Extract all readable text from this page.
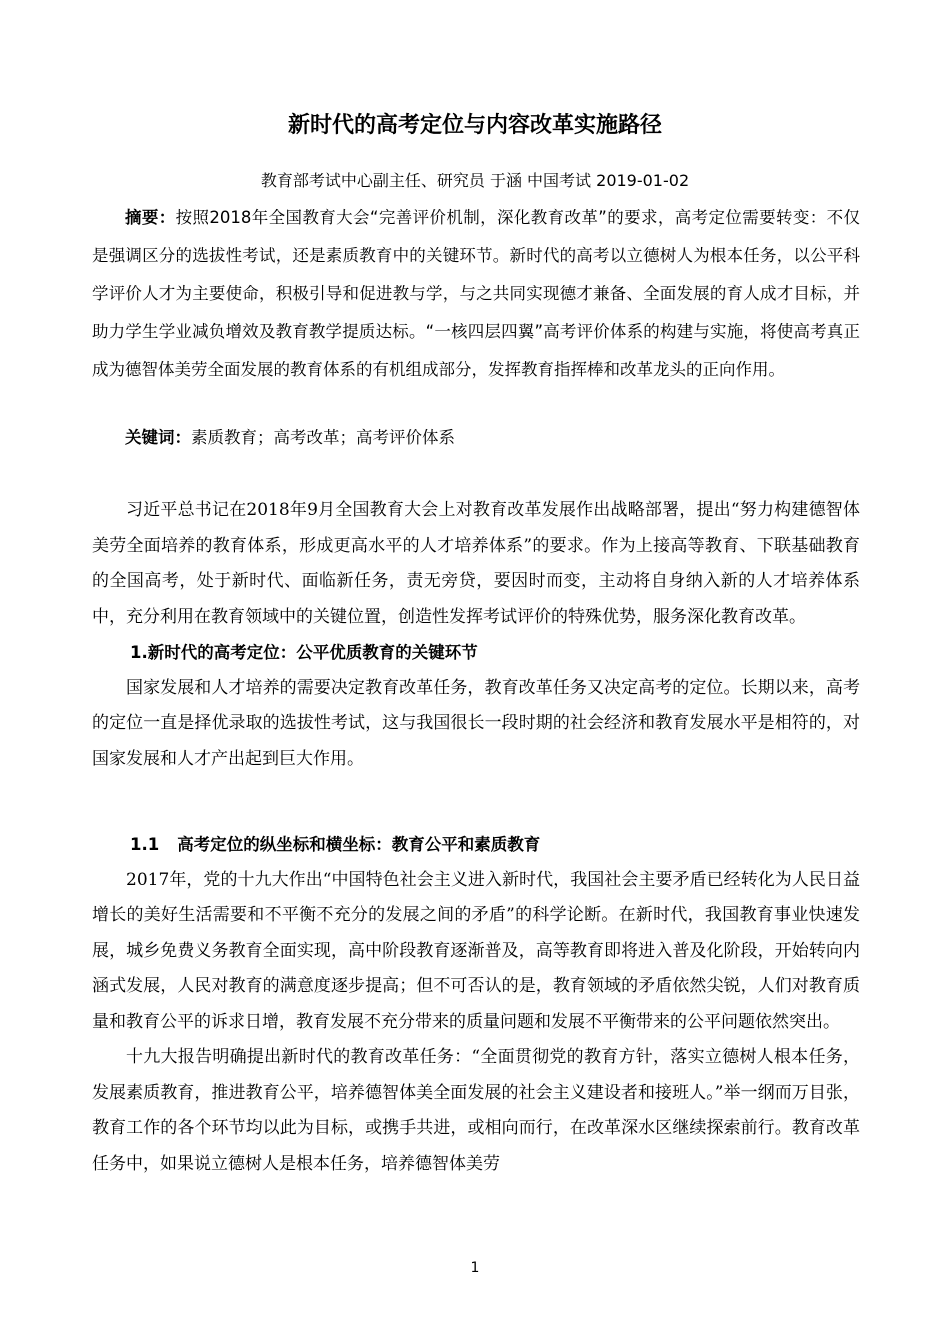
新时代的高考定位与内容改革实施路径
教育部考试中心副主任、研究员 于涵 中国考试 2019-01-02

摘要：按照2018年全国教育大会“完善评价机制，深化教育改革”的要求，高考定位需要转变：不仅是强调区分的选拔性考试，还是素质教育中的关键环节。新时代的高考以立德树人为根本任务，以公平科学评价人才为主要使命，积极引导和促进教与学，与之共同实现德才兼备、全面发展的育人成才目标，并助力学生学业减负增效及教育教学提质达标。“一核四层四翼”高考评价体系的构建与实施，将使高考真正成为德智体美劳全面发展的教育体系的有机组成部分，发挥教育指挥棒和改革龙头的正向作用。

关键词：素质教育；高考改革；高考评价体系

习近平总书记在2018年9月全国教育大会上对教育改革发展作出战略部署，提出“努力构建德智体美劳全面培养的教育体系，形成更高水平的人才培养体系”的要求。作为上接高等教育、下联基础教育的全国高考，处于新时代、面临新任务，责无旁贷，要因时而变，主动将自身纳入新的人才培养体系中，充分利用在教育领域中的关键位置，创造性发挥考试评价的特殊优势，服务深化教育改革。

1.新时代的高考定位：公平优质教育的关键环节

国家发展和人才培养的需要决定教育改革任务，教育改革任务又决定高考的定位。长期以来，高考的定位一直是择优录取的选拔性考试，这与我国很长一段时期的社会经济和教育发展水平是相符的，对国家发展和人才产出起到巨大作用。

1.1 高考定位的纵坐标和横坐标：教育公平和素质教育

2017年，党的十九大作出“中国特色社会主义进入新时代，我国社会主要矛盾已经转化为人民日益增长的美好生活需要和不平衡不充分的发展之间的矛盾”的科学论断。在新时代，我国教育事业快速发展，城乡免费义务教育全面实现，高中阶段教育逐渐普及，高等教育即将进入普及化阶段，开始转向内涵式发展，人民对教育的满意度逐步提高；但不可否认的是，教育领域的矛盾依然尖锐，人们对教育质量和教育公平的诉求日增，教育发展不充分带来的质量问题和发展不平衡带来的公平问题依然突出。

十九大报告明确提出新时代的教育改革任务：“全面贯彻党的教育方针，落实立德树人根本任务，发展素质教育，推进教育公平，培养德智体美全面发展的社会主义建设者和接班人。”举一纲而万目张，教育工作的各个环节均以此为目标，或携手共进，或相向而行，在改革深水区继续探索前行。教育改革任务中，如果说立德树人是根本任务，培养德智体美劳

1
